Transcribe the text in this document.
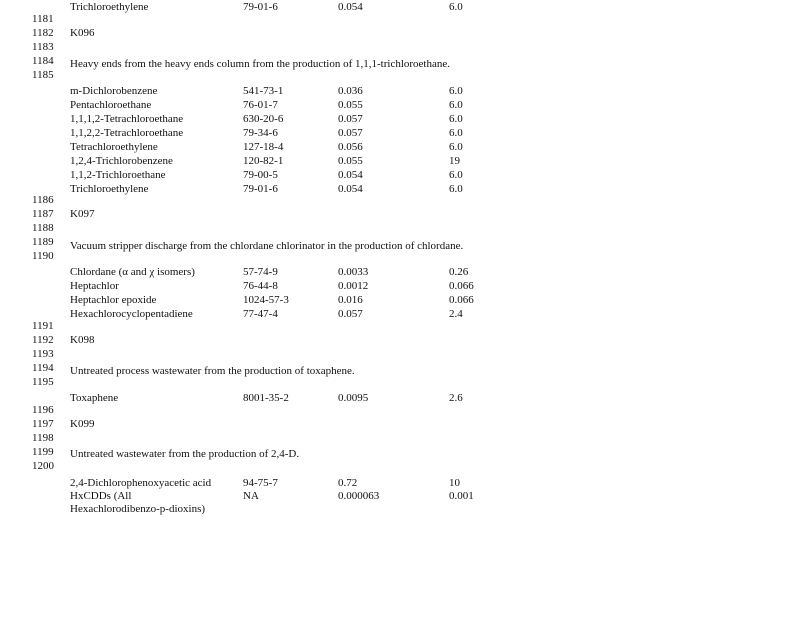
Trichloroethylene	79-01-6	0.054	6.0
1181
1182
1183
1184
1185
1186
1187
1188
1189
1190
1191
1192
1193
1194
1195
1196
1197
1198
1199
1200
K096
Heavy ends from the heavy ends column from the production of 1,1,1-trichloroethane.
m-Dichlorobenzene	541-73-1	0.036	6.0
Pentachloroethane	76-01-7	0.055	6.0
1,1,1,2-Tetrachloroethane	630-20-6	0.057	6.0
1,1,2,2-Tetrachloroethane	79-34-6	0.057	6.0
Tetrachloroethylene	127-18-4	0.056	6.0
1,2,4-Trichlorobenzene	120-82-1	0.055	19
1,1,2-Trichloroethane	79-00-5	0.054	6.0
Trichloroethylene	79-01-6	0.054	6.0
K097
Vacuum stripper discharge from the chlordane chlorinator in the production of chlordane.
Chlordane (α and χ isomers)	57-74-9	0.0033	0.26
Heptachlor	76-44-8	0.0012	0.066
Heptachlor epoxide	1024-57-3	0.016	0.066
Hexachlorocyclopentadiene	77-47-4	0.057	2.4
K098
Untreated process wastewater from the production of toxaphene.
Toxaphene	8001-35-2	0.0095	2.6
K099
Untreated wastewater from the production of 2,4-D.
2,4-Dichlorophenoxyacetic acid	94-75-7	0.72	10
HxCDDs (All	NA	0.000063	0.001
Hexachlorodibenzo-p-dioxins)
